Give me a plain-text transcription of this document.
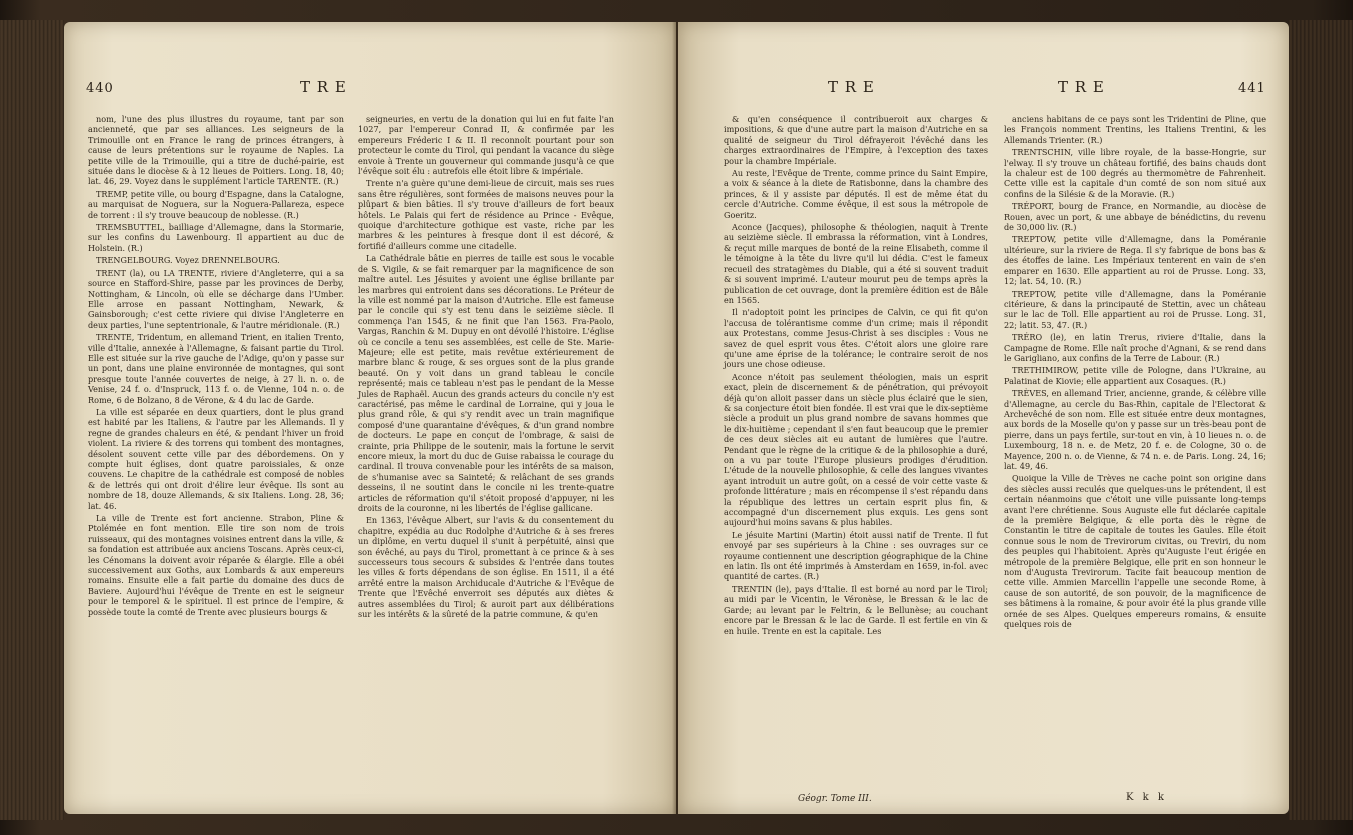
440	T R E

nom, l'une des plus illustres du royaume, tant par son ancienneté, que par ses alliances. Les seigneurs de la Trimouille ont en France le rang de princes étrangers, à cause de leurs prétentions sur le royaume de Naples. La petite ville de la Trimouille, qui a titre de duché-pairie, est située dans le diocèse & à 12 lieues de Poitiers. Long. 18, 40; lat. 46, 29. Voyez dans le supplément l'article TARENTE. (R.)

TREMP, petite ville, ou bourg d'Espagne, dans la Catalogne, au marquisat de Noguera, sur la Noguera-Pallareza, espece de torrent : il s'y trouve beaucoup de noblesse. (R.)

TREMSBUTTEL, bailliage d'Allemagne, dans la Stormarie, sur les confins du Lawenbourg. Il appartient au duc de Holstein. (R.)

TRENGELBOURG. Voyez DRENNELBOURG.

TRENT (la), ou LA TRENTE, riviere d'Angleterre, qui a sa source en Stafford-Shire, passe par les provinces de Derby, Nottingham, & Lincoln, où elle se décharge dans l'Umber. Elle arrose en passant Nottingham, Newark, & Gainsborough; c'est cette riviere qui divise l'Angleterre en deux parties, l'une septentrionale, & l'autre méridionale. (R.)

TRENTE, Tridentum, en allemand Trient, en italien Trento, ville d'Italie, annexée à l'Allemagne, & faisant partie du Tirol. Elle est située sur la rive gauche de l'Adige, qu'on y passe sur un pont, dans une plaine environnée de montagnes, qui sont presque toute l'année couvertes de neige, à 27 li. n. o. de Venise, 24 f. o. d'Inspruck, 113 f. o. de Vienne, 104 n. o. de Rome, 6 de Bolzano, 8 de Vérone, & 4 du lac de Garde.

La ville est séparée en deux quartiers, dont le plus grand est habité par les Italiens, & l'autre par les Allemands. Il y regne de grandes chaleurs en été, & pendant l'hiver un froid violent. La riviere & des torrens qui tombent des montagnes, désolent souvent cette ville par des débordemens. On y compte huit églises, dont quatre paroissiales, & onze couvens. Le chapitre de la cathédrale est composé de nobles & de lettrés qui ont droit d'élire leur évêque. Ils sont au nombre de 18, douze Allemands, & six Italiens. Long. 28, 36; lat. 46.

La ville de Trente est fort ancienne. Strabon, Pline & Ptolémée en font mention. Elle tire son nom de trois ruisseaux, qui des montagnes voisines entrent dans la ville, & sa fondation est attribuée aux anciens Toscans. Après ceux-ci, les Cénomans la doivent avoir réparée & élargie. Elle a obéi successivement aux Goths, aux Lombards & aux empereurs romains. Ensuite elle a fait partie du domaine des ducs de Baviere. Aujourd'hui l'évêque de Trente en est le seigneur pour le temporel & le spirituel. Il est prince de l'empire, & possède toute la comté de Trente avec plusieurs bourgs &

seigneuries, en vertu de la donation qui lui en fut faite l'an 1027, par l'empereur Conrad II, & confirmée par les empereurs Fréderic I & II. Il reconnoît pourtant pour son protecteur le comte du Tirol, qui pendant la vacance du siège envoie à Trente un gouverneur qui commande jusqu'à ce que l'évêque soit élu : autrefois elle étoit libre & impériale.

Trente n'a guère qu'une demi-lieue de circuit, mais ses rues sans être régulières, sont formées de maisons neuves pour la plûpart & bien bâties. Il s'y trouve d'ailleurs de fort beaux hôtels. Le Palais qui fert de résidence au Prince - Evêque, quoique d'architecture gothique est vaste, riche par les marbres & les peintures à fresque dont il est décoré, & fortifié d'ailleurs comme une citadelle.

La Cathédrale bâtie en pierres de taille est sous le vocable de S. Vigile, & se fait remarquer par la magnificence de son maître autel. Les Jésuites y avoient une église brillante par les marbres qui entroient dans ses décorations. Le Préteur de la ville est nommé par la maison d'Autriche. Elle est fameuse par le concile qui s'y est tenu dans le seizième siècle. Il commença l'an 1545, & ne finit que l'an 1563. Fra-Paolo, Vargas, Ranchin & M. Dupuy en ont dévoilé l'histoire. L'église où ce concile a tenu ses assemblées, est celle de Ste. Marie-Majeure; elle est petite, mais revêtue extérieurement de marbre blanc & rouge, & ses orgues sont de la plus grande beauté. On y voit dans un grand tableau le concile représenté; mais ce tableau n'est pas le pendant de la Messe Jules de Raphaël. Aucun des grands acteurs du concile n'y est caractérisé, pas même le cardinal de Lorraine, qui y joua le plus grand rôle, & qui s'y rendit avec un train magnifique composé d'une quarantaine d'évêques, & d'un grand nombre de docteurs. Le pape en conçut de l'ombrage, & saisi de crainte, pria Philippe de le soutenir, mais la fortune le servit encore mieux, la mort du duc de Guise rabaissa le courage du cardinal. Il trouva convenable pour les intérêts de sa maison, de s'humanise avec sa Sainteté; & relâchant de ses grands desseins, il ne soutint dans le concile ni les trente-quatre articles de réformation qu'il s'étoit proposé d'appuyer, ni les droits de la couronne, ni les libertés de l'église gallicane.

En 1363, l'évêque Albert, sur l'avis & du consentement du chapitre, expédia au duc Rodolphe d'Autriche & à ses freres un diplôme, en vertu duquel il s'unit à perpétuité, ainsi que son évêché, au pays du Tirol, promettant à ce prince & à ses successeurs tous secours & subsides & l'entrée dans toutes les villes & forts dépendans de son église. En 1511, il a été arrêté entre la maison Archiducale d'Autriche & l'Evêque de Trente que l'Evêché enverroit ses députés aux diètes & autres assemblées du Tirol; & auroit part aux délibérations sur les intérêts & la sûreté de la patrie commune, & qu'en

T R E	T R E	441

& qu'en conséquence il contribueroit aux charges & impositions, & que d'une autre part la maison d'Autriche en sa qualité de seigneur du Tirol défrayeroit l'évêché dans les charges extraordinaires de l'Empire, à l'exception des taxes pour la chambre Impériale.

Au reste, l'Evêque de Trente, comme prince du Saint Empire, a voix & séance à la diete de Ratisbonne, dans la chambre des princes, & il y assiste par députés. Il est de même état du cercle d'Autriche. Comme évêque, il est sous la métropole de Goeritz.

Aconce (Jacques), philosophe & théologien, naquit à Trente au seizième siècle. Il embrassa la réformation, vint à Londres, & reçut mille marques de bonté de la reine Elisabeth, comme il le témoigne à la tête du livre qu'il lui dédia. C'est le fameux recueil des stratagèmes du Diable, qui a été si souvent traduit & si souvent imprimé. L'auteur mourut peu de temps après la publication de cet ouvrage, dont la première édition est de Bâle en 1565.

Il n'adoptoit point les principes de Calvin, ce qui fit qu'on l'accusa de tolérantisme comme d'un crime; mais il répondit aux Protestans, comme Jesus-Christ à ses disciples : Vous ne savez de quel esprit vous êtes. C'étoit alors une gloire rare qu'une ame éprise de la tolérance; le contraire seroit de nos jours une chose odieuse.

Aconce n'étoit pas seulement théologien, mais un esprit exact, plein de discernement & de pénétration, qui prévoyoit déjà qu'on alloit passer dans un siècle plus éclairé que le sien, & sa conjecture étoit bien fondée. Il est vrai que le dix-septième siècle a produit un plus grand nombre de savans hommes que le dix-huitième ; cependant il s'en faut beaucoup que le premier de ces deux siècles ait eu autant de lumières que l'autre. Pendant que le règne de la critique & de la philosophie a duré, on a vu par toute l'Europe plusieurs prodiges d'érudition. L'étude de la nouvelle philosophie, & celle des langues vivantes ayant introduit un autre goût, on a cessé de voir cette vaste & profonde littérature ; mais en récompense il s'est répandu dans la république des lettres un certain esprit plus fin, & accompagné d'un discernement plus exquis. Les gens sont aujourd'hui moins savans & plus habiles.

Le jésuite Martini (Martin) étoit aussi natif de Trente. Il fut envoyé par ses supérieurs à la Chine : ses ouvrages sur ce royaume contiennent une description géographique de la Chine en latin. Ils ont été imprimés à Amsterdam en 1659, in-fol. avec quantité de cartes. (R.)

TRENTIN (le), pays d'Italie. Il est borné au nord par le Tirol; au midi par le Vicentin, le Véronèse, le Bressan & le lac de Garde; au levant par le Feltrin, & le Bellunèse; au couchant encore par le Bressan & le lac de Garde. Il est fertile en vin & en huile. Trente en est la capitale. Les

anciens habitans de ce pays sont les Tridentini de Pline, que les François nomment Trentins, les Italiens Trentini, & les Allemands Trienter. (R.)

TRENTSCHIN, ville libre royale, de la basse-Hongrie, sur l'elway. Il s'y trouve un château fortifié, des bains chauds dont la chaleur est de 100 degrés au thermomètre de Fahrenheit. Cette ville est la capitale d'un comté de son nom situé aux confins de la Silésie & de la Moravie. (R.)

TRÉPORT, bourg de France, en Normandie, au diocèse de Rouen, avec un port, & une abbaye de bénédictins, du revenu de 30,000 liv. (R.)

TREPTOW, petite ville d'Allemagne, dans la Poméranie ultérieure, sur la riviere de Rega. Il s'y fabrique de bons bas & des étoffes de laine. Les Impériaux tenterent en vain de s'en emparer en 1630. Elle appartient au roi de Prusse. Long. 33, 12; lat. 54, 10. (R.)

TREPTOW, petite ville d'Allemagne, dans la Poméranie citérieure, & dans la principauté de Stettin, avec un château sur le lac de Toll. Elle appartient au roi de Prusse. Long. 31, 22; latit. 53, 47. (R.)

TRÉRO (le), en latin Trerus, riviere d'Italie, dans la Campagne de Rome. Elle naît proche d'Agnani, & se rend dans le Garigliano, aux confins de la Terre de Labour. (R.)

TRETHIMIROW, petite ville de Pologne, dans l'Ukraine, au Palatinat de Kiovie; elle appartient aux Cosaques. (R.)

TRÈVES, en allemand Trier, ancienne, grande, & célèbre ville d'Allemagne, au cercle du Bas-Rhin, capitale de l'Electorat & Archevêché de son nom. Elle est située entre deux montagnes, aux bords de la Moselle qu'on y passe sur un très-beau pont de pierre, dans un pays fertile, sur-tout en vin, à 10 lieues n. o. de Luxembourg, 18 n. e. de Metz, 20 f. e. de Cologne, 30 o. de Mayence, 200 n. o. de Vienne, & 74 n. e. de Paris. Long. 24, 16; lat. 49, 46.

Quoique la Ville de Trèves ne cache point son origine dans des siècles aussi reculés que quelques-uns le prétendent, il est certain néanmoins que c'étoit une ville puissante long-temps avant l'ere chrétienne. Sous Auguste elle fut déclarée capitale de la première Belgique, & elle porta dès le règne de Constantin le titre de capitale de toutes les Gaules. Elle étoit connue sous le nom de Trevirorum civitas, ou Treviri, du nom des peuples qui l'habitoient. Après qu'Auguste l'eut érigée en métropole de la première Belgique, elle prit en son honneur le nom d'Augusta Trevirorum. Tacite fait beaucoup mention de cette ville. Ammien Marcellin l'appelle une seconde Rome, à cause de son autorité, de son pouvoir, de la magnificence de ses bâtimens à la romaine, & pour avoir été la plus grande ville ornée de ses Alpes. Quelques empereurs romains, & ensuite quelques rois de

Géogr. Tome III.	K k k
